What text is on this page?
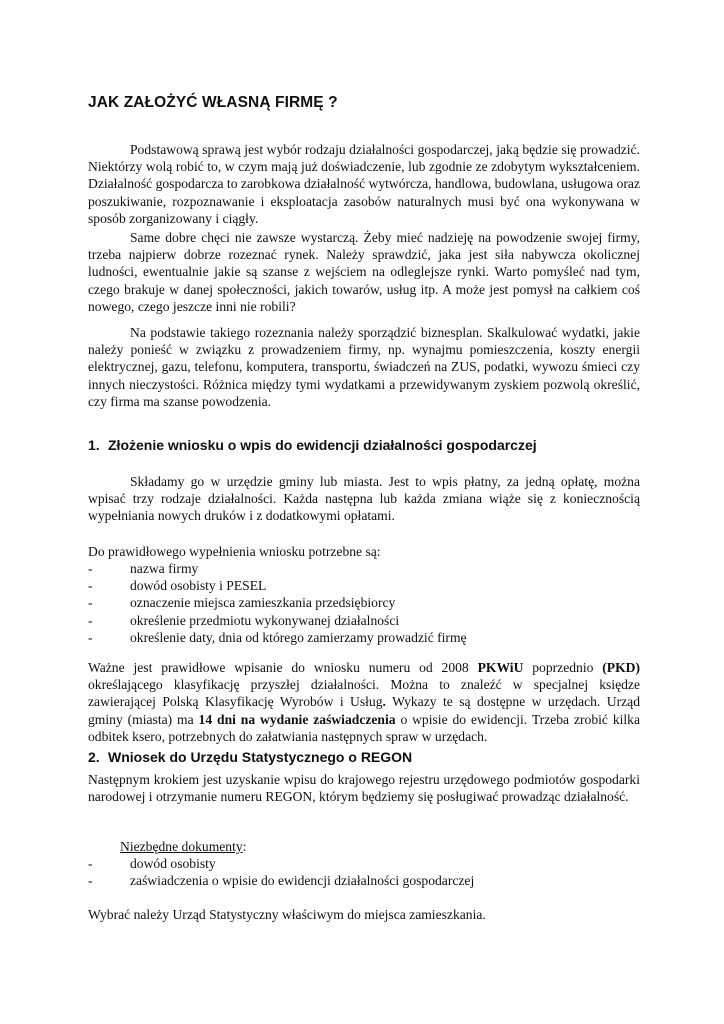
JAK ZAŁOŻYĆ WŁASNĄ FIRMĘ ?

Podstawową sprawą jest wybór rodzaju działalności gospodarczej, jaką będzie się prowadzić. Niektórzy wolą robić to, w czym mają już doświadczenie, lub zgodnie ze zdobytym wykształceniem. Działalność gospodarcza to zarobkowa działalność wytwórcza, handlowa, budowlana, usługowa oraz poszukiwanie, rozpoznawanie i eksploatacja zasobów naturalnych musi być ona wykonywana w sposób zorganizowany i ciągły.

Same dobre chęci nie zawsze wystarczą. Żeby mieć nadzieję na powodzenie swojej firmy, trzeba najpierw dobrze rozeznać rynek. Należy sprawdzić, jaka jest siła nabywcza okolicznej ludności, ewentualnie jakie są szanse z wejściem na odleglejsze rynki. Warto pomyśleć nad tym, czego brakuje w danej społeczności, jakich towarów, usług itp. A może jest pomysł na całkiem coś nowego, czego jeszcze inni nie robili?

Na podstawie takiego rozeznania należy sporządzić biznesplan. Skalkulować wydatki, jakie należy ponieść w związku z prowadzeniem firmy, np. wynajmu pomieszczenia, koszty energii elektrycznej, gazu, telefonu, komputera, transportu, świadczeń na ZUS, podatki, wywozu śmieci czy innych nieczystości. Różnica między tymi wydatkami a przewidywanym zyskiem pozwolą określić, czy firma ma szanse powodzenia.

1. Złożenie wniosku o wpis do ewidencji działalności gospodarczej

Składamy go w urzędzie gminy lub miasta. Jest to wpis płatny, za jedną opłatę, można wpisać trzy rodzaje działalności. Każda następna lub każda zmiana wiąże się z koniecznością wypełniania nowych druków i z dodatkowymi opłatami.

Do prawidłowego wypełnienia wniosku potrzebne są:

-	nazwa firmy
-	dowód osobisty i PESEL
-	oznaczenie miejsca zamieszkania przedsiębiorcy
-	określenie przedmiotu wykonywanej działalności
-	określenie daty, dnia od którego zamierzamy prowadzić firmę

Ważne jest prawidłowe wpisanie do wniosku numeru od 2008 PKWiU poprzednio (PKD) określającego klasyfikację przyszłej działalności. Można to znaleźć w specjalnej księdze zawierającej Polską Klasyfikację Wyrobów i Usług. Wykazy te są dostępne w urzędach. Urząd gminy (miasta) ma 14 dni na wydanie zaświadczenia o wpisie do ewidencji. Trzeba zrobić kilka odbitek ksero, potrzebnych do załatwiania następnych spraw w urzędach.

2. Wniosek do Urzędu Statystycznego o REGON

Następnym krokiem jest uzyskanie wpisu do krajowego rejestru urzędowego podmiotów gospodarki narodowej i otrzymanie numeru REGON, którym będziemy się posługiwać prowadząc działalność.

Niezbędne dokumenty:

-	dowód osobisty
-	zaświadczenia o wpisie do ewidencji działalności gospodarczej

Wybrać należy Urząd Statystyczny właściwym do miejsca zamieszkania.
